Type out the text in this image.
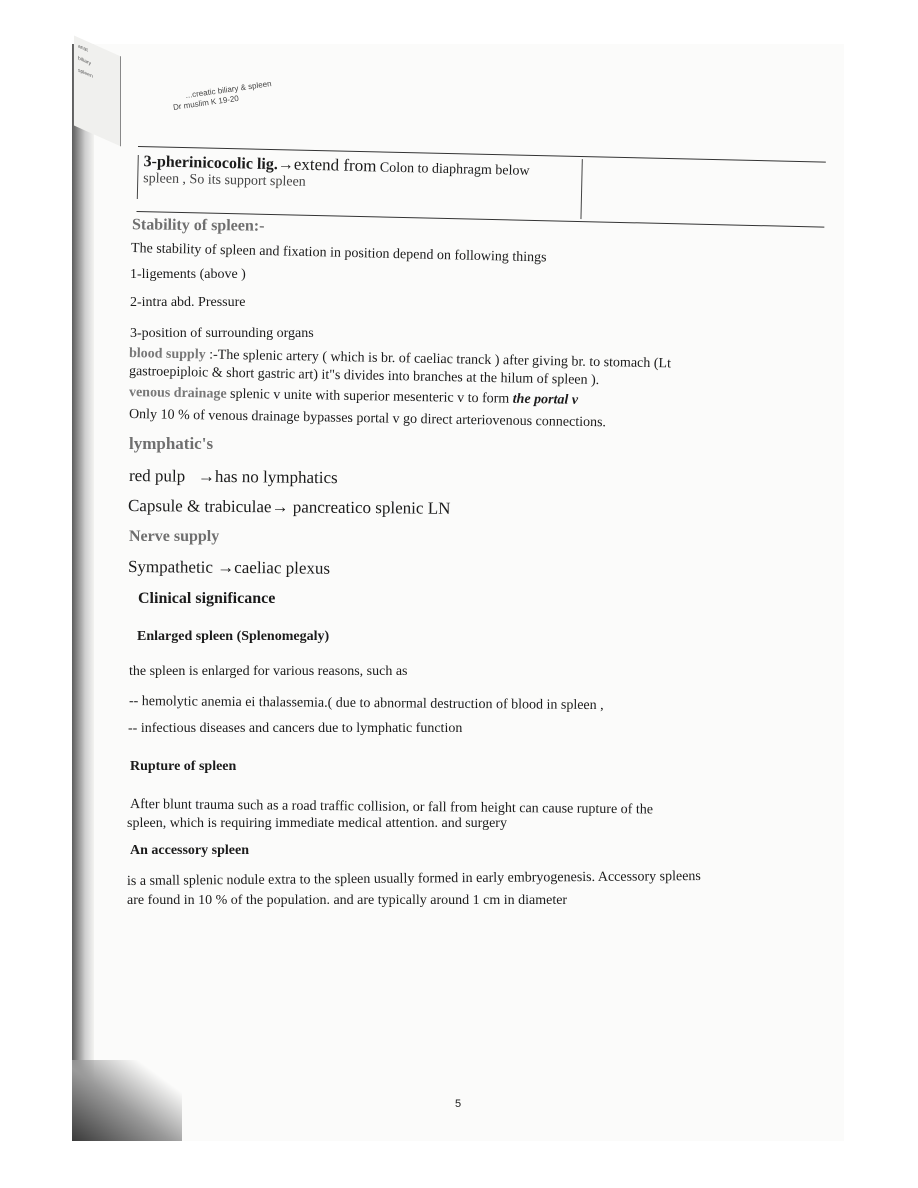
anat
biliary
spleen
...creatic biliary & spleen
Dr muslim K 19-20
3-pherinicocolic lig.→extend from Colon to diaphragm below
spleen , So its support spleen
Stability of spleen:-
The stability of spleen and fixation in position depend on following things
1-ligements (above )
2-intra abd. Pressure
3-position of surrounding organs
blood supply :-The splenic artery ( which is br. of caeliac tranck ) after giving br. to stomach (Lt
gastroepiploic & short gastric art) it"s divides into branches at the hilum of spleen ).
venous drainage splenic v unite with superior mesenteric v to form the portal v
Only 10 % of venous drainage bypasses portal v go direct arteriovenous connections.
lymphatic's
red pulp →has no lymphatics
Capsule & trabiculae→ pancreatico splenic LN
Nerve supply
Sympathetic →caeliac plexus
Clinical significance
Enlarged spleen (Splenomegaly)
the spleen is enlarged for various reasons, such as
-- hemolytic anemia ei thalassemia.( due to abnormal destruction of blood in spleen ,
-- infectious diseases and cancers due to lymphatic function
Rupture of spleen
After blunt trauma such as a road traffic collision, or fall from height can cause rupture of the
spleen, which is requiring immediate medical attention. and surgery
An accessory spleen
is a small splenic nodule extra to the spleen usually formed in early embryogenesis. Accessory spleens
are found in 10 % of the population. and are typically around 1 cm in diameter
5
